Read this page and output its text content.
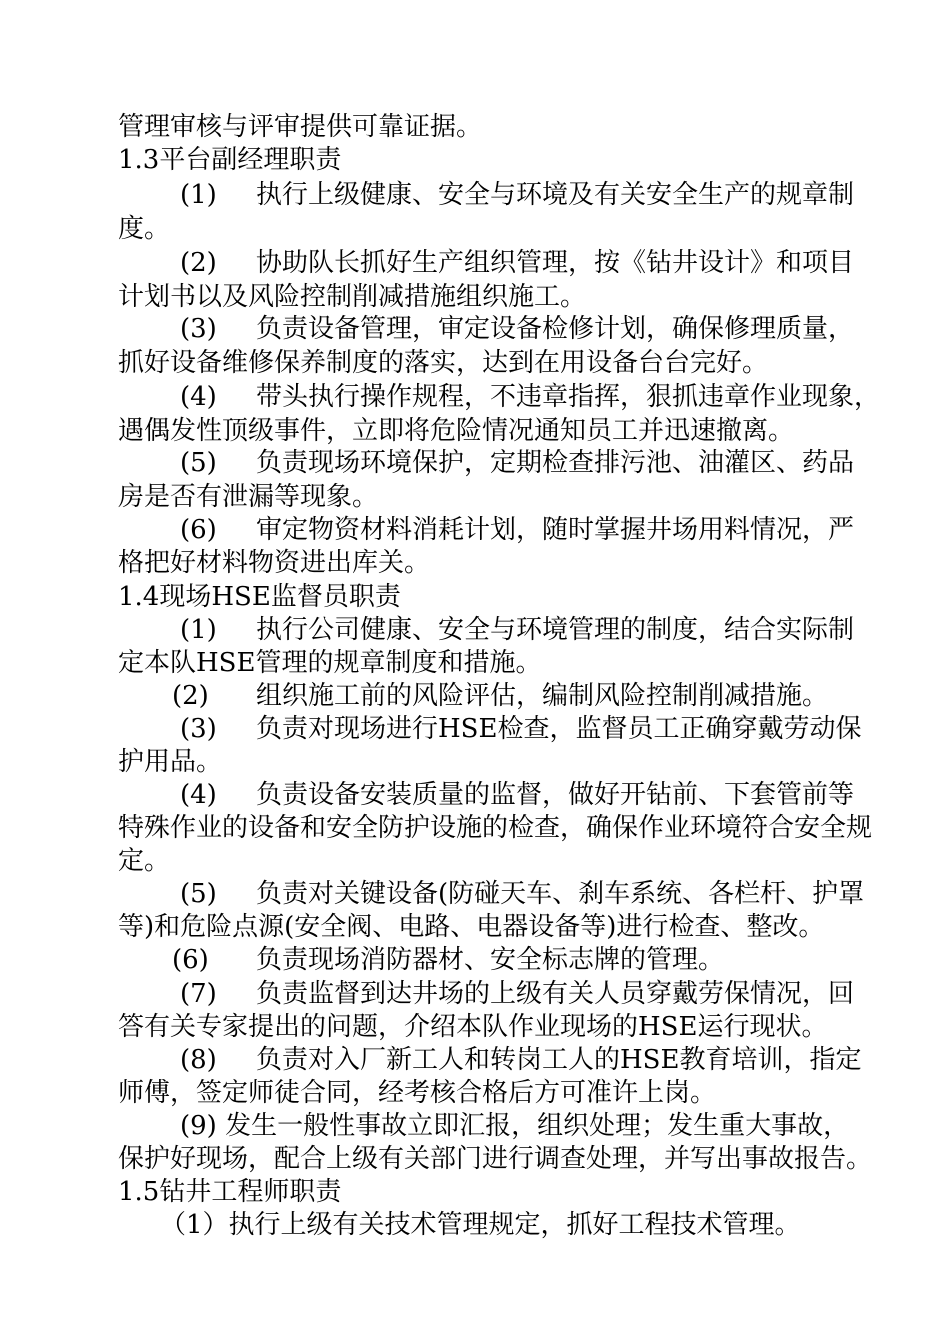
管理审核与评审提供可靠证据。
1.3平台副经理职责
(1) 执行上级健康、安全与环境及有关安全生产的规章制
度。
(2) 协助队长抓好生产组织管理，按《钻井设计》和项目
计划书以及风险控制削减措施组织施工。
(3) 负责设备管理，审定设备检修计划，确保修理质量，
抓好设备维修保养制度的落实，达到在用设备台台完好。
(4) 带头执行操作规程，不违章指挥，狠抓违章作业现象，
遇偶发性顶级事件，立即将危险情况通知员工并迅速撤离。
(5) 负责现场环境保护，定期检查排污池、油灌区、药品
房是否有泄漏等现象。
(6) 审定物资材料消耗计划，随时掌握井场用料情况，严
格把好材料物资进出库关。
1.4现场HSE监督员职责
(1) 执行公司健康、安全与环境管理的制度，结合实际制
定本队HSE管理的规章制度和措施。
(2) 组织施工前的风险评估，编制风险控制削减措施。
(3) 负责对现场进行HSE检查，监督员工正确穿戴劳动保
护用品。
(4) 负责设备安装质量的监督，做好开钻前、下套管前等
特殊作业的设备和安全防护设施的检查，确保作业环境符合安全规
定。
(5) 负责对关键设备(防碰天车、刹车系统、各栏杆、护罩
等)和危险点源(安全阀、电路、电器设备等)进行检查、整改。
(6) 负责现场消防器材、安全标志牌的管理。
(7) 负责监督到达井场的上级有关人员穿戴劳保情况，回
答有关专家提出的问题，介绍本队作业现场的HSE运行现状。
(8) 负责对入厂新工人和转岗工人的HSE教育培训，指定
师傅，签定师徒合同，经考核合格后方可准许上岗。
(9) 发生一般性事故立即汇报，组织处理；发生重大事故，
保护好现场，配合上级有关部门进行调查处理，并写出事故报告。
1.5钻井工程师职责
（1）执行上级有关技术管理规定，抓好工程技术管理。
